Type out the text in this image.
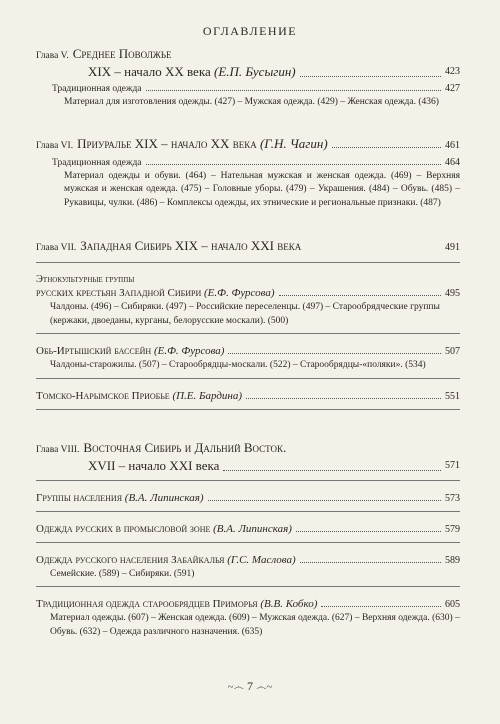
ОГЛАВЛЕНИЕ
Глава V. Среднее Поволжье
XIX – начало XX века
(Е.П. Бусыгин)	423
Традиционная одежда	427
Материал для изготовления одежды. (427) – Мужская одежда. (429) – Женская одежда. (436)
Глава VI. Приуралье XIX – начало XX века
(Г.Н. Чагин)	461
Традиционная одежда	464
Материал одежды и обуви. (464) – Нательная мужская и женская одежда. (469) – Верхняя мужская и женская одежда. (475) – Головные уборы. (479) – Украшения. (484) – Обувь. (485) – Рукавицы, чулки. (486) – Комплексы одежды, их этнические и региональные признаки. (487)
Глава VII. Западная Сибирь XIX – начало XXI века	491
Этнокультурные группы
русских крестьян Западной Сибири
(Е.Ф. Фурсова)	495
Чалдоны. (496) – Сибиряки. (497) – Российские переселенцы. (497) – Старообрядческие группы (кержаки, двоеданы, курганы, белорусские москали). (500)
Обь-Иртышский бассейн
(Е.Ф. Фурсова)	507
Чалдоны-старожилы. (507) – Старообрядцы-москали. (522) – Старообрядцы-«поляки». (534)
Томско-Нарымское Приобье
(П.Е. Бардина)	551
Глава VIII. Восточная Сибирь и Дальний Восток.
XVII – начало XXI века	571
Группы населения
(В.А. Липинская)	573
Одежда русских в промысловой зоне
(В.А. Липинская)	579
Одежда русского населения Забайкалья
(Г.С. Маслова)	589
Семейские. (589) – Сибиряки. (591)
Традиционная одежда старообрядцев Приморья
(В.В. Кобко)	605
Материал одежды. (607) – Женская одежда. (609) – Мужская одежда. (627) – Верхняя одежда. (630) – Обувь. (632) – Одежда различного назначения. (635)
~෴ 7 ෴~
